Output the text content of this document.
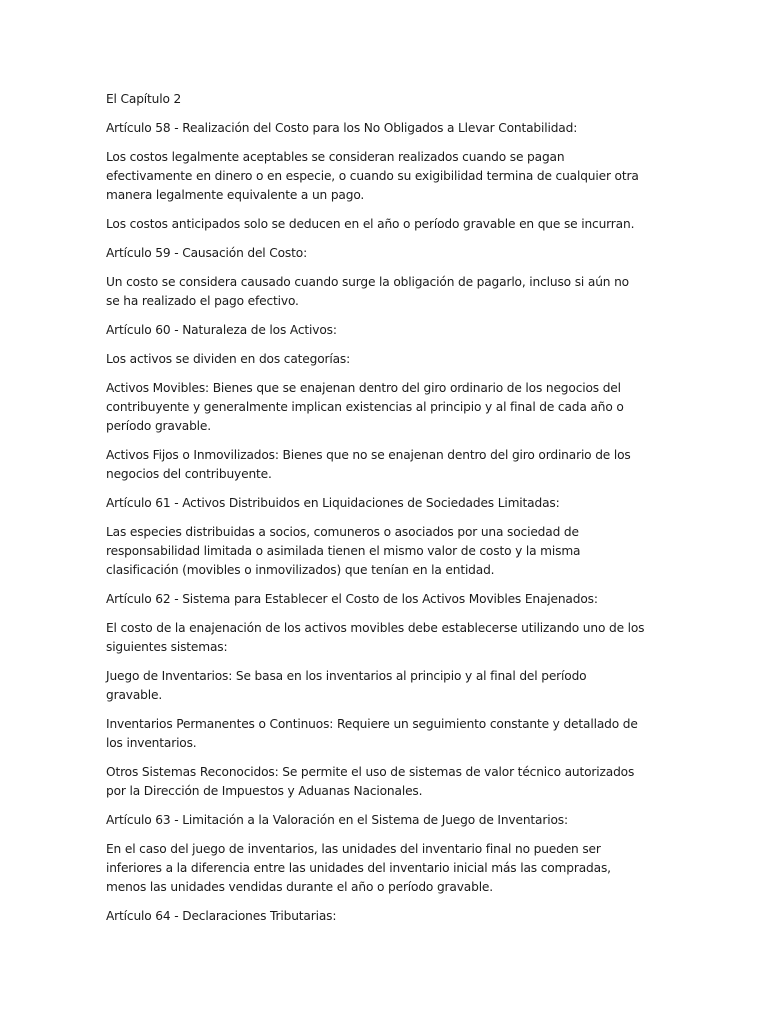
El Capítulo 2

Artículo 58 - Realización del Costo para los No Obligados a Llevar Contabilidad:

Los costos legalmente aceptables se consideran realizados cuando se pagan efectivamente en dinero o en especie, o cuando su exigibilidad termina de cualquier otra manera legalmente equivalente a un pago.

Los costos anticipados solo se deducen en el año o período gravable en que se incurran.

Artículo 59 - Causación del Costo:

Un costo se considera causado cuando surge la obligación de pagarlo, incluso si aún no se ha realizado el pago efectivo.

Artículo 60 - Naturaleza de los Activos:

Los activos se dividen en dos categorías:

Activos Movibles: Bienes que se enajenan dentro del giro ordinario de los negocios del contribuyente y generalmente implican existencias al principio y al final de cada año o período gravable.

Activos Fijos o Inmovilizados: Bienes que no se enajenan dentro del giro ordinario de los negocios del contribuyente.

Artículo 61 - Activos Distribuidos en Liquidaciones de Sociedades Limitadas:

Las especies distribuidas a socios, comuneros o asociados por una sociedad de responsabilidad limitada o asimilada tienen el mismo valor de costo y la misma clasificación (movibles o inmovilizados) que tenían en la entidad.

Artículo 62 - Sistema para Establecer el Costo de los Activos Movibles Enajenados:

El costo de la enajenación de los activos movibles debe establecerse utilizando uno de los siguientes sistemas:

Juego de Inventarios: Se basa en los inventarios al principio y al final del período gravable.

Inventarios Permanentes o Continuos: Requiere un seguimiento constante y detallado de los inventarios.

Otros Sistemas Reconocidos: Se permite el uso de sistemas de valor técnico autorizados por la Dirección de Impuestos y Aduanas Nacionales.

Artículo 63 - Limitación a la Valoración en el Sistema de Juego de Inventarios:

En el caso del juego de inventarios, las unidades del inventario final no pueden ser inferiores a la diferencia entre las unidades del inventario inicial más las compradas, menos las unidades vendidas durante el año o período gravable.

Artículo 64 - Declaraciones Tributarias:
